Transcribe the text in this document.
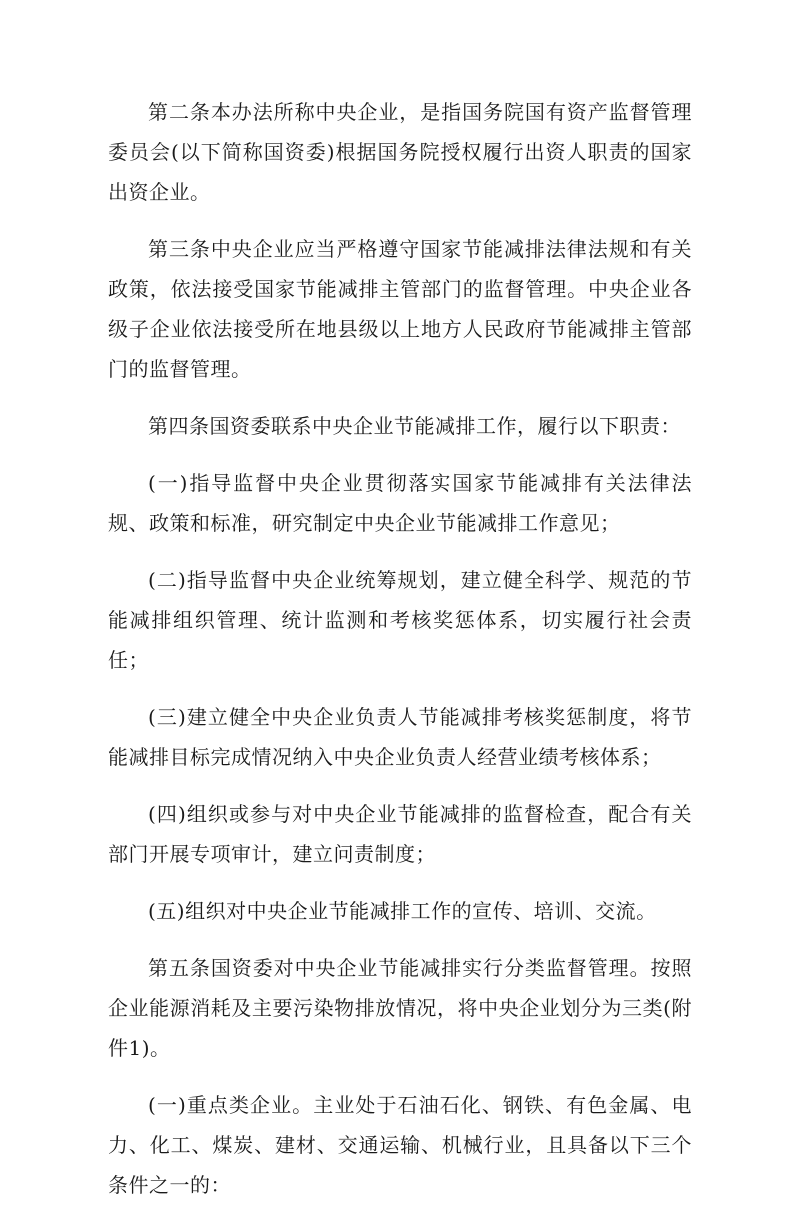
第二条本办法所称中央企业，是指国务院国有资产监督管理委员会(以下简称国资委)根据国务院授权履行出资人职责的国家出资企业。

第三条中央企业应当严格遵守国家节能减排法律法规和有关政策，依法接受国家节能减排主管部门的监督管理。中央企业各级子企业依法接受所在地县级以上地方人民政府节能减排主管部门的监督管理。

第四条国资委联系中央企业节能减排工作，履行以下职责：

(一)指导监督中央企业贯彻落实国家节能减排有关法律法规、政策和标准，研究制定中央企业节能减排工作意见；

(二)指导监督中央企业统筹规划，建立健全科学、规范的节能减排组织管理、统计监测和考核奖惩体系，切实履行社会责任；

(三)建立健全中央企业负责人节能减排考核奖惩制度，将节能减排目标完成情况纳入中央企业负责人经营业绩考核体系；

(四)组织或参与对中央企业节能减排的监督检查，配合有关部门开展专项审计，建立问责制度；

(五)组织对中央企业节能减排工作的宣传、培训、交流。

第五条国资委对中央企业节能减排实行分类监督管理。按照企业能源消耗及主要污染物排放情况，将中央企业划分为三类(附件1)。

(一)重点类企业。主业处于石油石化、钢铁、有色金属、电力、化工、煤炭、建材、交通运输、机械行业，且具备以下三个条件之一的：
